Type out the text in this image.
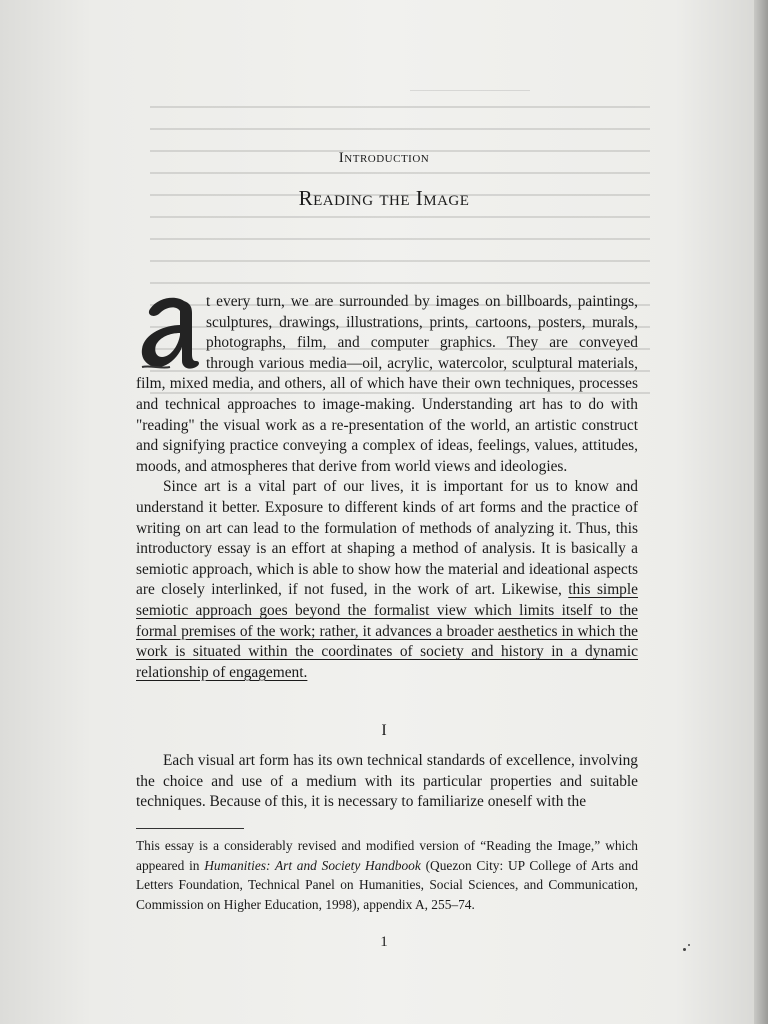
Introduction
Reading the Image

t every turn, we are surrounded by images on billboards, paintings, sculptures, drawings, illustrations, prints, cartoons, posters, murals, photographs, film, and computer graphics. They are conveyed through various media—oil, acrylic, watercolor, sculptural materials, film, mixed media, and others, all of which have their own techniques, processes and technical approaches to image-making. Understanding art has to do with "reading" the visual work as a re-presentation of the world, an artistic construct and signifying practice conveying a complex of ideas, feelings, values, attitudes, moods, and atmospheres that derive from world views and ideologies.

Since art is a vital part of our lives, it is important for us to know and understand it better. Exposure to different kinds of art forms and the practice of writing on art can lead to the formulation of methods of analyzing it. Thus, this introductory essay is an effort at shaping a method of analysis. It is basically a semiotic approach, which is able to show how the material and ideational aspects are closely interlinked, if not fused, in the work of art. Likewise, this simple semiotic approach goes beyond the formalist view which limits itself to the formal premises of the work; rather, it advances a broader aesthetics in which the work is situated within the coordinates of society and history in a dynamic relationship of engagement.

I

Each visual art form has its own technical standards of excellence, involving the choice and use of a medium with its particular properties and suitable techniques. Because of this, it is necessary to familiarize oneself with the

This essay is a considerably revised and modified version of “Reading the Image,” which appeared in Humanities: Art and Society Handbook (Quezon City: UP College of Arts and Letters Foundation, Technical Panel on Humanities, Social Sciences, and Communication, Commission on Higher Education, 1998), appendix A, 255–74.
1
